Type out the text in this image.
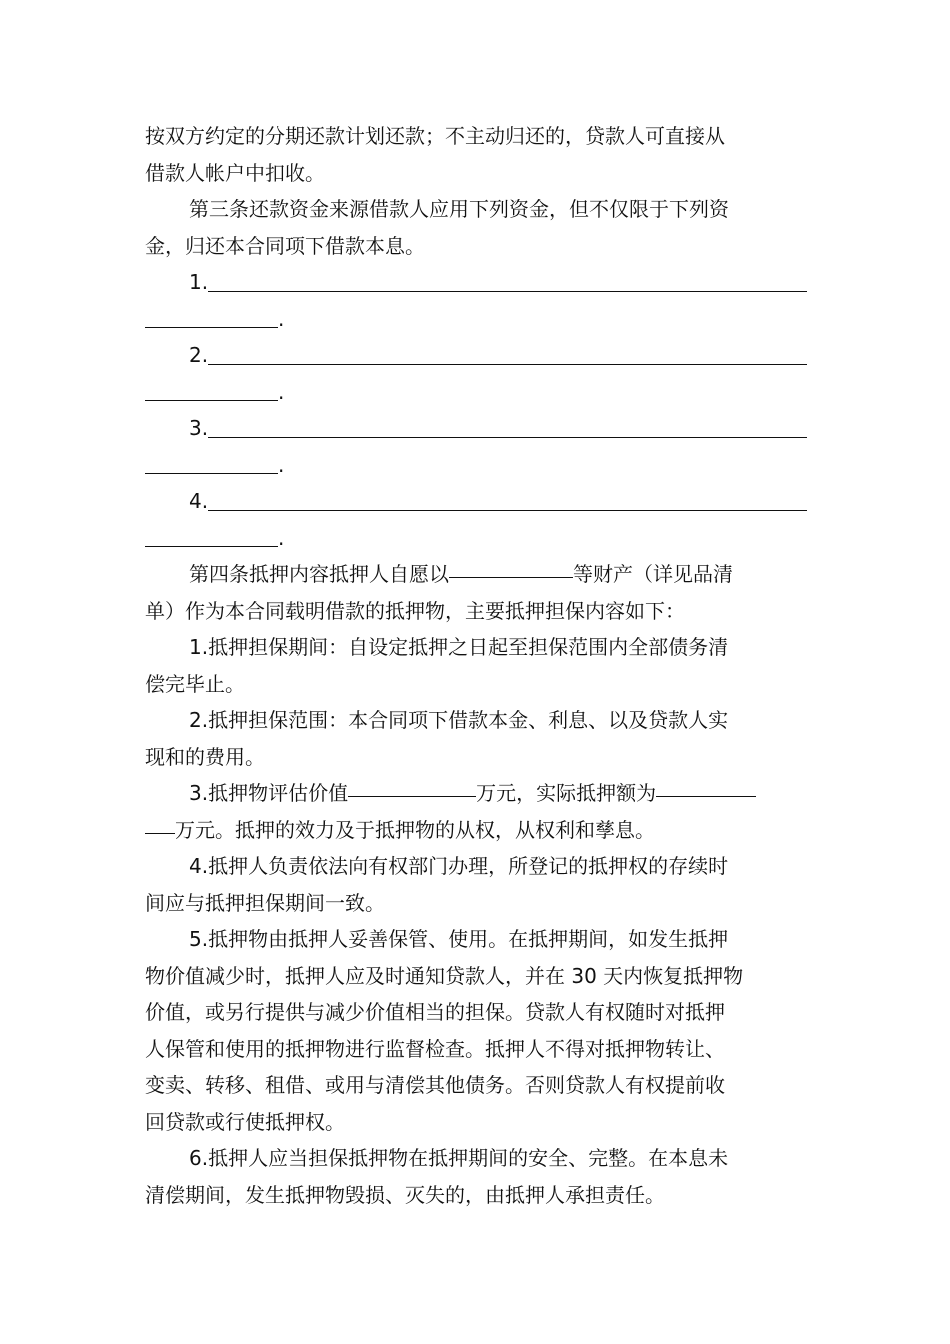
按双方约定的分期还款计划还款；不主动归还的，贷款人可直接从
借款人帐户中扣收。
第三条还款资金来源借款人应用下列资金，但不仅限于下列资
金，归还本合同项下借款本息。
1.
.
2.
.
3.
.
4.
.
第四条抵押内容抵押人自愿以	等财产（详见品清
单）作为本合同载明借款的抵押物，主要抵押担保内容如下：
1.抵押担保期间：自设定抵押之日起至担保范围内全部债务清
偿完毕止。
2.抵押担保范围：本合同项下借款本金、利息、以及贷款人实
现和的费用。
3.抵押物评估价值	万元，实际抵押额为
万元。抵押的效力及于抵押物的从权，从权利和孳息。
4.抵押人负责依法向有权部门办理，所登记的抵押权的存续时
间应与抵押担保期间一致。
5.抵押物由抵押人妥善保管、使用。在抵押期间，如发生抵押
物价值减少时，抵押人应及时通知贷款人，并在 30 天内恢复抵押物
价值，或另行提供与减少价值相当的担保。贷款人有权随时对抵押
人保管和使用的抵押物进行监督检查。抵押人不得对抵押物转让、
变卖、转移、租借、或用与清偿其他债务。否则贷款人有权提前收
回贷款或行使抵押权。
6.抵押人应当担保抵押物在抵押期间的安全、完整。在本息未
清偿期间，发生抵押物毁损、灭失的，由抵押人承担责任。
